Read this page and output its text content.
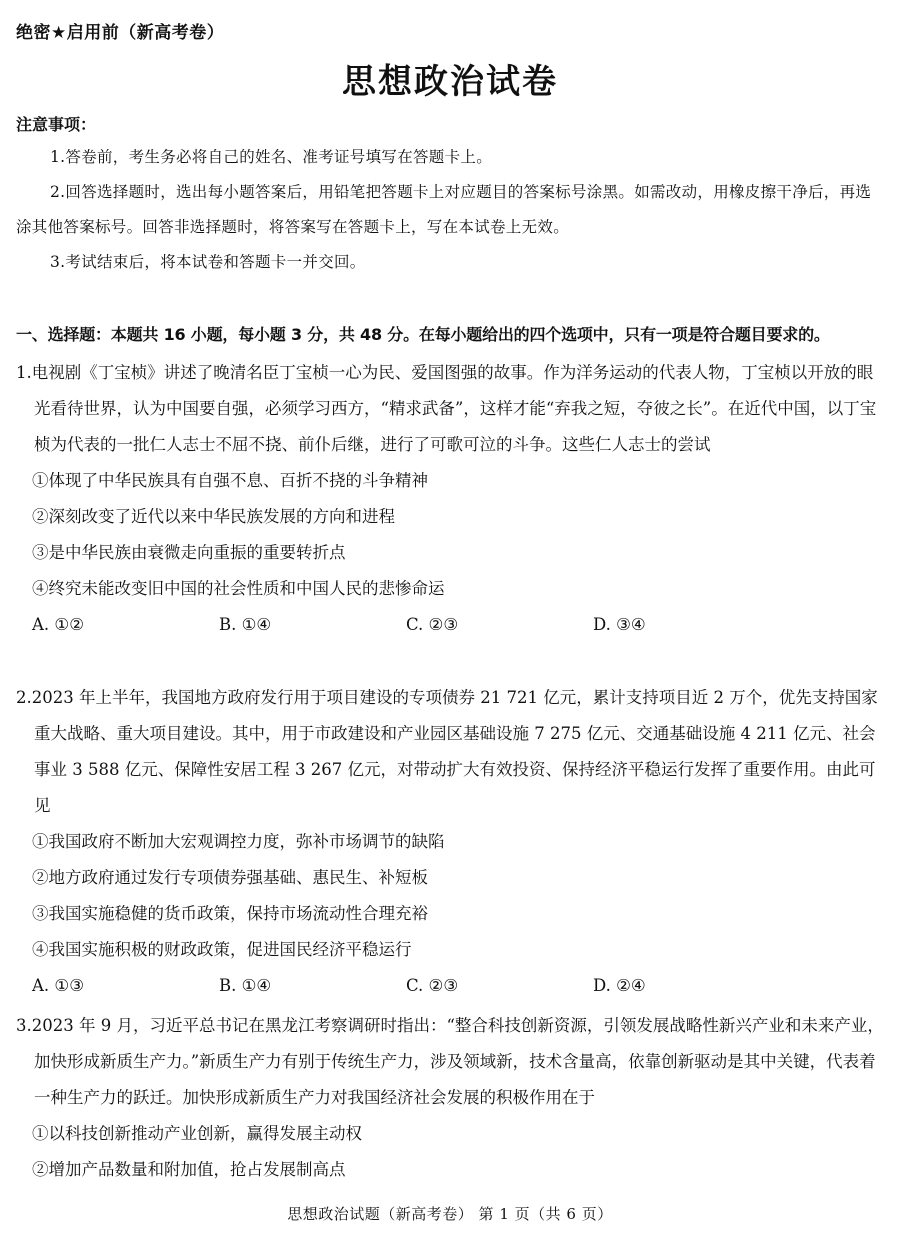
绝密★启用前（新高考卷）
思想政治试卷
注意事项：
1.答卷前，考生务必将自己的姓名、准考证号填写在答题卡上。
2.回答选择题时，选出每小题答案后，用铅笔把答题卡上对应题目的答案标号涂黑。如需改动，用橡皮擦干净后，再选涂其他答案标号。回答非选择题时，将答案写在答题卡上，写在本试卷上无效。
3.考试结束后，将本试卷和答题卡一并交回。
一、选择题：本题共 16 小题，每小题 3 分，共 48 分。在每小题给出的四个选项中，只有一项是符合题目要求的。
1.电视剧《丁宝桢》讲述了晚清名臣丁宝桢一心为民、爱国图强的故事。作为洋务运动的代表人物，丁宝桢以开放的眼光看待世界，认为中国要自强，必须学习西方，“精求武备”，这样才能“弃我之短，夺彼之长”。在近代中国，以丁宝桢为代表的一批仁人志士不屈不挠、前仆后继，进行了可歌可泣的斗争。这些仁人志士的尝试
①体现了中华民族具有自强不息、百折不挠的斗争精神
②深刻改变了近代以来中华民族发展的方向和进程
③是中华民族由衰微走向重振的重要转折点
④终究未能改变旧中国的社会性质和中国人民的悲惨命运
A. ①②	B. ①④	C. ②③	D. ③④
2.2023 年上半年，我国地方政府发行用于项目建设的专项债券 21 721 亿元，累计支持项目近 2 万个，优先支持国家重大战略、重大项目建设。其中，用于市政建设和产业园区基础设施 7 275 亿元、交通基础设施 4 211 亿元、社会事业 3 588 亿元、保障性安居工程 3 267 亿元，对带动扩大有效投资、保持经济平稳运行发挥了重要作用。由此可见
①我国政府不断加大宏观调控力度，弥补市场调节的缺陷
②地方政府通过发行专项债券强基础、惠民生、补短板
③我国实施稳健的货币政策，保持市场流动性合理充裕
④我国实施积极的财政政策，促进国民经济平稳运行
A. ①③	B. ①④	C. ②③	D. ②④
3.2023 年 9 月，习近平总书记在黑龙江考察调研时指出：“整合科技创新资源，引领发展战略性新兴产业和未来产业，加快形成新质生产力。”新质生产力有别于传统生产力，涉及领域新，技术含量高，依靠创新驱动是其中关键，代表着一种生产力的跃迁。加快形成新质生产力对我国经济社会发展的积极作用在于
①以科技创新推动产业创新，赢得发展主动权
②增加产品数量和附加值，抢占发展制高点
思想政治试题（新高考卷） 第 1 页（共 6 页）
